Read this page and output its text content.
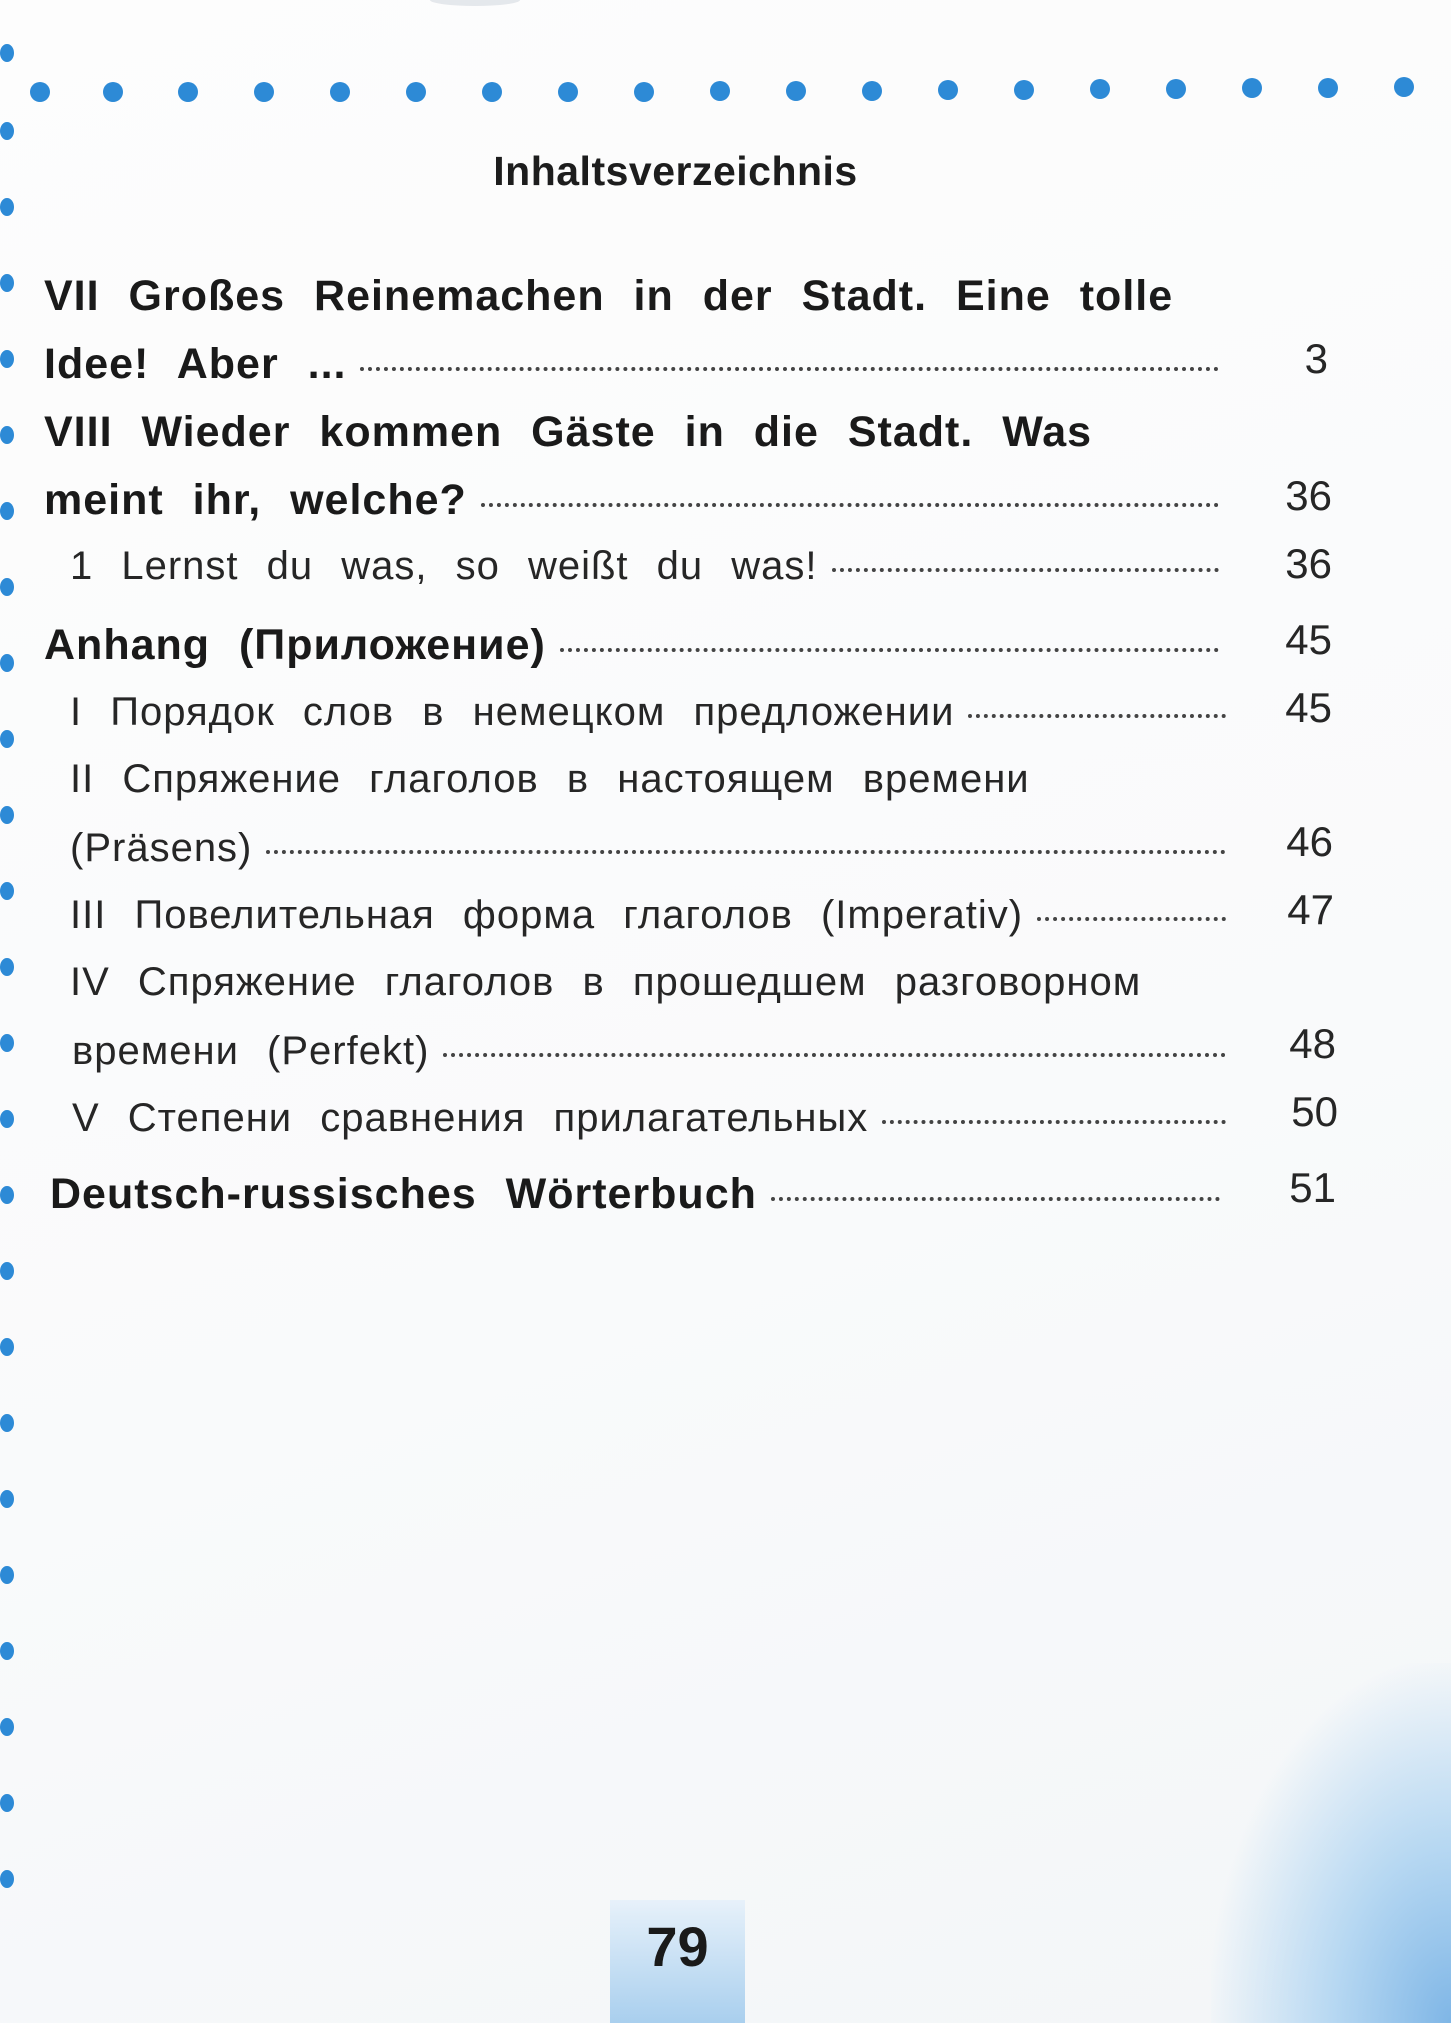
Inhaltsverzeichnis
VII Großes Reinemachen in der Stadt. Eine tolle
Idee! Aber ...	3
VIII Wieder kommen Gäste in die Stadt. Was
meint ihr, welche?	36
1 Lernst du was, so weißt du was!	36
Anhang (Приложение)	45
I Порядок слов в немецком предложении	45
II Спряжение глаголов в настоящем времени
(Präsens)	46
III Повелительная форма глаголов (Imperativ)	47
IV Спряжение глаголов в прошедшем разговорном
времени (Perfekt)	48
V Степени сравнения прилагательных	50
Deutsch-russisches Wörterbuch	51
79
